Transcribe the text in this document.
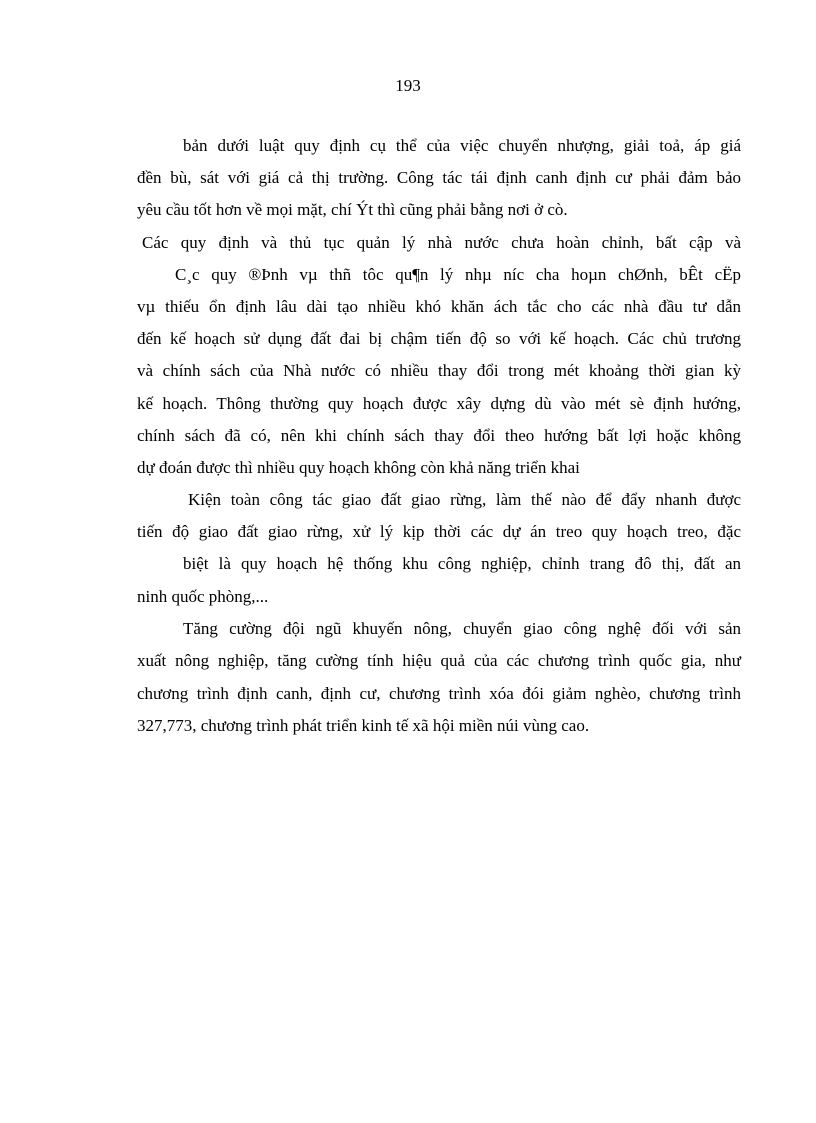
193
bản dưới luật quy định cụ thể của việc chuyển nhượng, giải toả, áp giá
đền bù, sát với giá cả thị trường. Công tác tái định canh định cư phải đảm bảo
yêu cầu tốt hơn về mọi mặt, chí Ýt thì cũng phải bằng nơi ở cò.
Các quy định và thủ tục quản lý nhà nước chưa hoàn chỉnh, bất cập và
C¸c quy ®Þnh vµ thñ tôc qu¶n lý nhµ níc cha hoµn chØnh, bÊt cËp
vµ thiếu ổn định lâu dài tạo nhiều khó khăn ách tắc cho các nhà đầu tư dẫn
đến kế hoạch sử dụng đất đai bị chậm tiến độ so với kế hoạch. Các chủ trương
và chính sách của Nhà nước có nhiều thay đổi trong mét khoảng thời gian kỳ
kế hoạch. Thông thường quy hoạch được xây dựng dù vào mét sè định hướng,
chính sách đã có, nên khi chính sách thay đổi theo hướng bất lợi hoặc không
dự đoán được thì nhiều quy hoạch không còn khả năng triển khai
Kiện toàn công tác giao đất giao rừng, làm thế nào để đẩy nhanh được
tiến độ giao đất giao rừng, xử lý kịp thời các dự án treo quy hoạch treo, đặc
biệt là quy hoạch hệ thống khu công nghiệp, chỉnh trang đô thị, đất an
ninh quốc phòng,...
Tăng cường đội ngũ khuyến nông, chuyển giao công nghệ đối với sản
xuất nông nghiệp, tăng cường tính hiệu quả của các chương trình quốc gia, như
chương trình định canh, định cư, chương trình xóa đói giảm nghèo, chương trình
327,773, chương trình phát triển kinh tế xã hội miền núi vùng cao.
